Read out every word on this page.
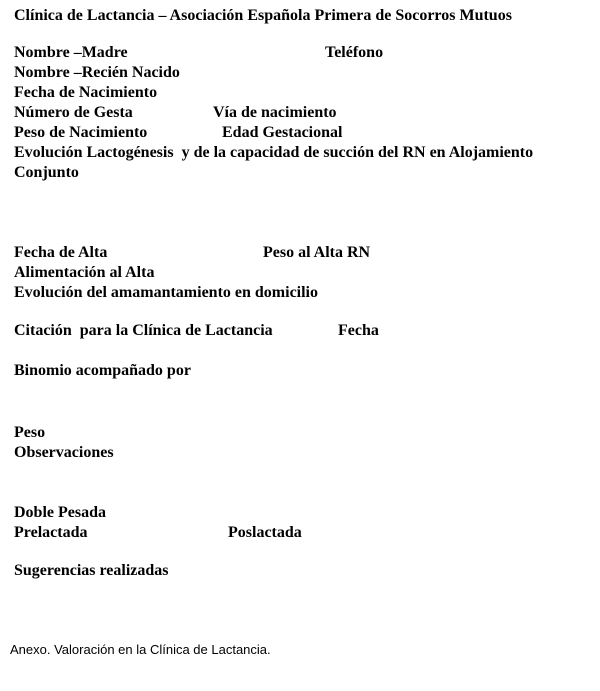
Clínica de Lactancia – Asociación Española Primera de Socorros Mutuos
Nombre –Madre	Teléfono
Nombre –Recién Nacido
Fecha de Nacimiento
Número de Gesta	Vía de nacimiento
Peso de Nacimiento	Edad Gestacional
Evolución Lactogénesis  y de la capacidad de succión del RN en Alojamiento
Conjunto
Fecha de Alta	Peso al Alta RN
Alimentación al Alta
Evolución del amamantamiento en domicilio
Citación  para la Clínica de Lactancia	Fecha
Binomio acompañado por
Peso
Observaciones
Doble Pesada
Prelactada	Poslactada
Sugerencias realizadas
Anexo. Valoración en la Clínica de Lactancia.
